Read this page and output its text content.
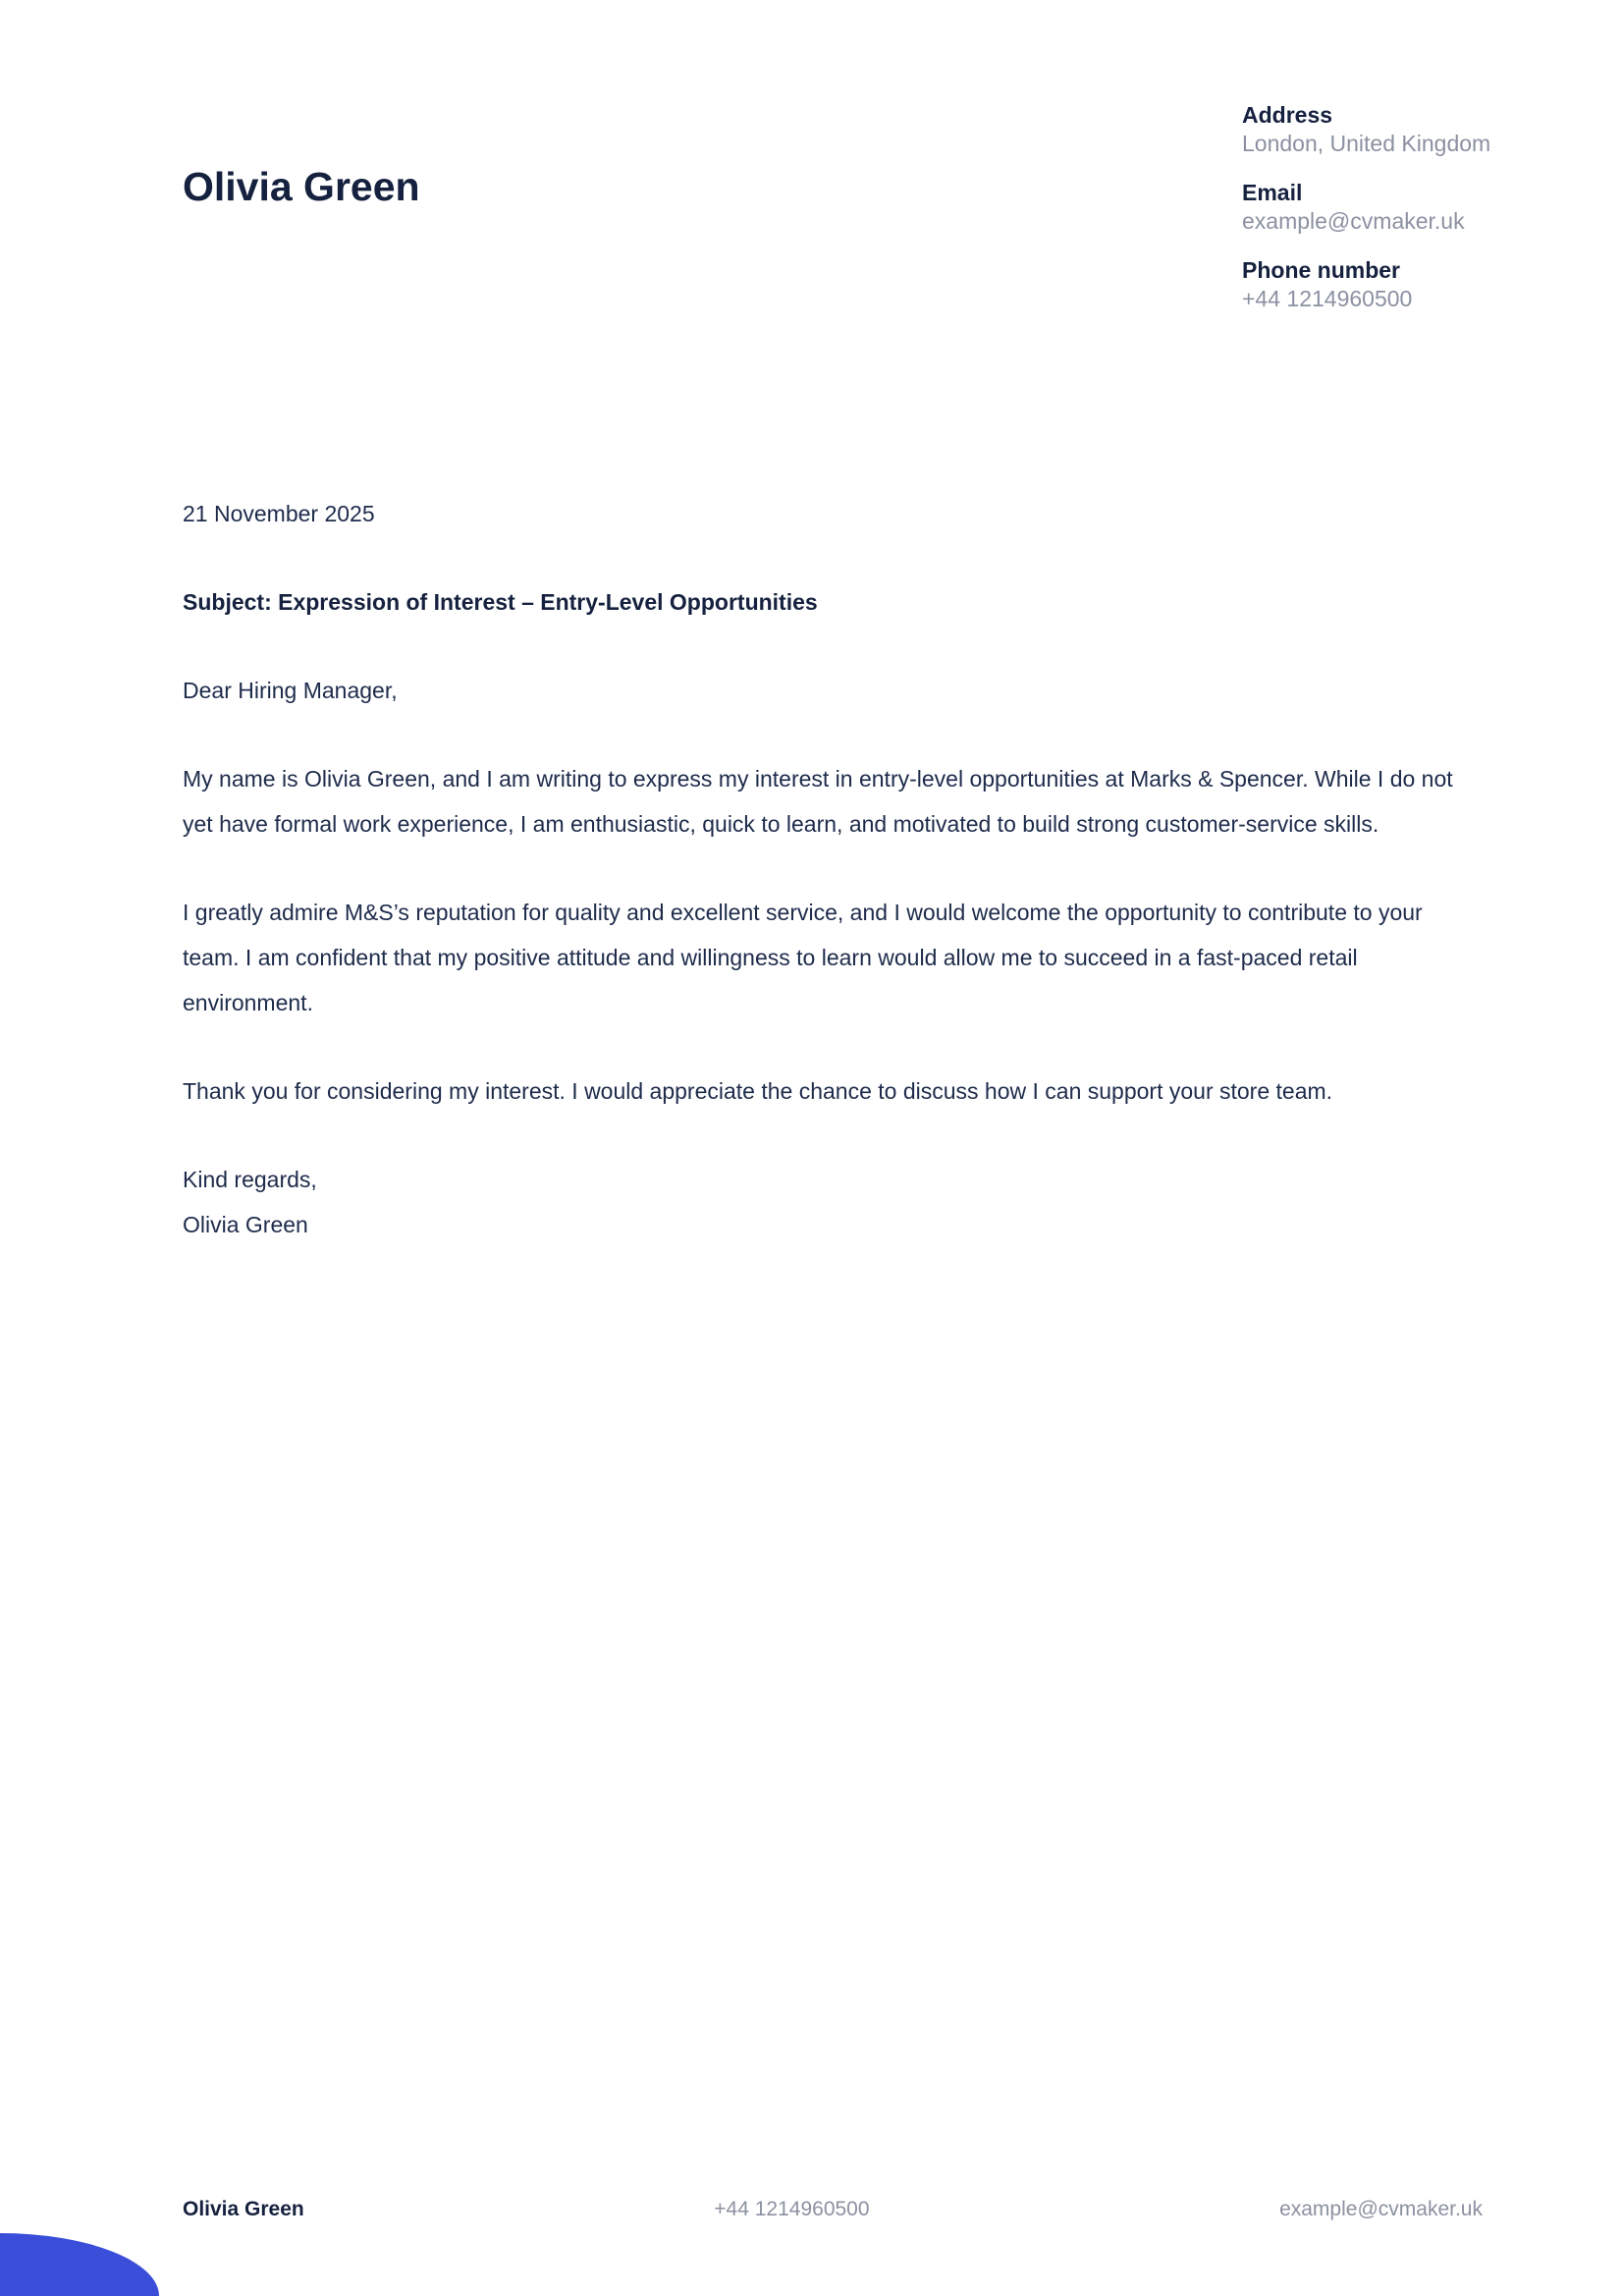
Olivia Green
Address
London, United Kingdom
Email
example@cvmaker.uk
Phone number
+44 1214960500

21 November 2025

Subject: Expression of Interest – Entry-Level Opportunities

Dear Hiring Manager,

My name is Olivia Green, and I am writing to express my interest in entry-level opportunities at Marks & Spencer. While I do not yet have formal work experience, I am enthusiastic, quick to learn, and motivated to build strong customer-service skills.

I greatly admire M&S’s reputation for quality and excellent service, and I would welcome the opportunity to contribute to your team. I am confident that my positive attitude and willingness to learn would allow me to succeed in a fast-paced retail environment.

Thank you for considering my interest. I would appreciate the chance to discuss how I can support your store team.

Kind regards,
Olivia Green

Olivia Green	+44 1214960500	example@cvmaker.uk
